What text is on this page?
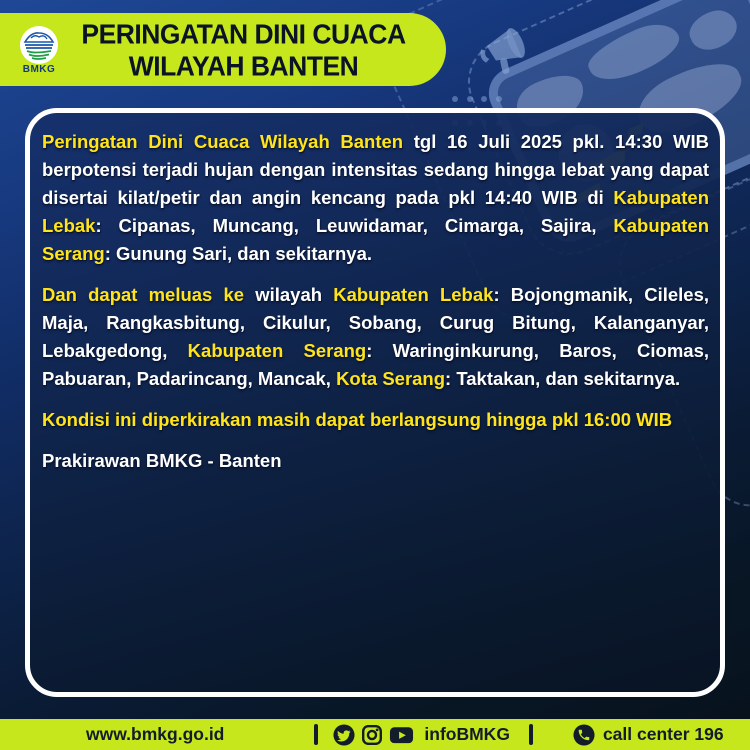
BMKG
PERINGATAN DINI CUACA
WILAYAH BANTEN

Peringatan Dini Cuaca Wilayah Banten tgl 16 Juli 2025 pkl. 14:30 WIB berpotensi terjadi hujan dengan intensitas sedang hingga lebat yang dapat disertai kilat/petir dan angin kencang pada pkl 14:40 WIB di Kabupaten Lebak: Cipanas, Muncang, Leuwidamar, Cimarga, Sajira, Kabupaten Serang: Gunung Sari, dan sekitarnya.

Dan dapat meluas ke wilayah Kabupaten Lebak: Bojongmanik, Cileles, Maja, Rangkasbitung, Cikulur, Sobang, Curug Bitung, Kalanganyar, Lebakgedong, Kabupaten Serang: Waringinkurung, Baros, Ciomas, Pabuaran, Padarincang, Mancak, Kota Serang: Taktakan, dan sekitarnya.

Kondisi ini diperkirakan masih dapat berlangsung hingga pkl 16:00 WIB

Prakirawan BMKG - Banten

www.bmkg.go.id	infoBMKG	call center 196
